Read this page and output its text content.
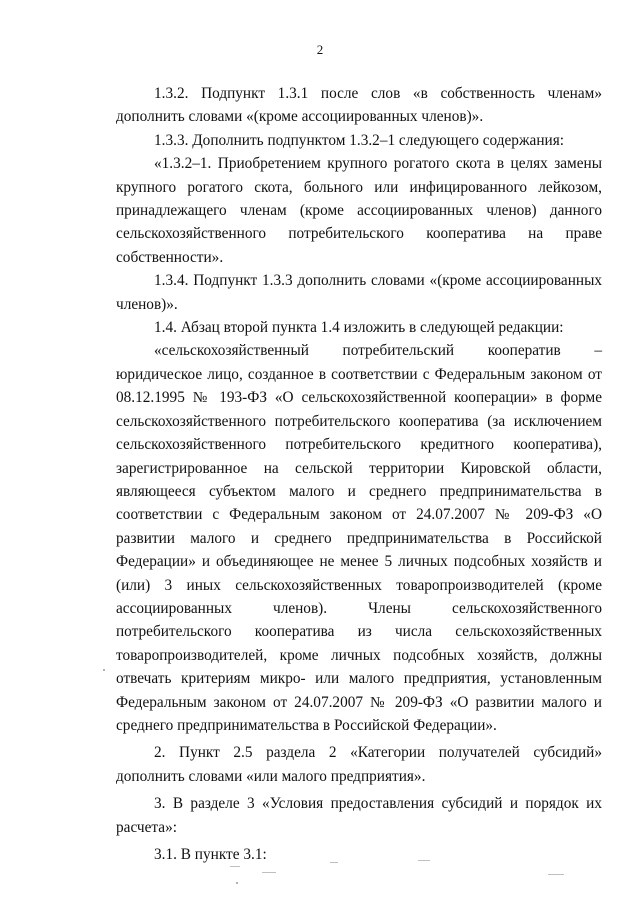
2

1.3.2. Подпункт 1.3.1 после слов «в собственность членам» дополнить словами «(кроме ассоциированных членов)».

1.3.3. Дополнить подпунктом 1.3.2–1 следующего содержания:

«1.3.2–1. Приобретением крупного рогатого скота в целях замены крупного рогатого скота, больного или инфицированного лейкозом, принадлежащего членам (кроме ассоциированных членов) данного сельскохозяйственного потребительского кооператива на праве собственности».

1.3.4. Подпункт 1.3.3 дополнить словами «(кроме ассоциированных членов)».

1.4. Абзац второй пункта 1.4 изложить в следующей редакции:

«сельскохозяйственный потребительский кооператив – юридическое лицо, созданное в соответствии с Федеральным законом от 08.12.1995 № 193-ФЗ «О сельскохозяйственной кооперации» в форме сельскохозяйственного потребительского кооператива (за исключением сельскохозяйственного потребительского кредитного кооператива), зарегистрированное на сельской территории Кировской области, являющееся субъектом малого и среднего предпринимательства в соответствии с Федеральным законом от 24.07.2007 № 209-ФЗ «О развитии малого и среднего предпринимательства в Российской Федерации» и объединяющее не менее 5 личных подсобных хозяйств и (или) 3 иных сельскохозяйственных товаропроизводителей (кроме ассоциированных членов). Члены сельскохозяйственного потребительского кооператива из числа сельскохозяйственных товаропроизводителей, кроме личных подсобных хозяйств, должны отвечать критериям микро- или малого предприятия, установленным Федеральным законом от 24.07.2007 № 209-ФЗ «О развитии малого и среднего предпринимательства в Российской Федерации».

2. Пункт 2.5 раздела 2 «Категории получателей субсидий» дополнить словами «или малого предприятия».

3. В разделе 3 «Условия предоставления субсидий и порядок их расчета»:

3.1. В пункте 3.1:
